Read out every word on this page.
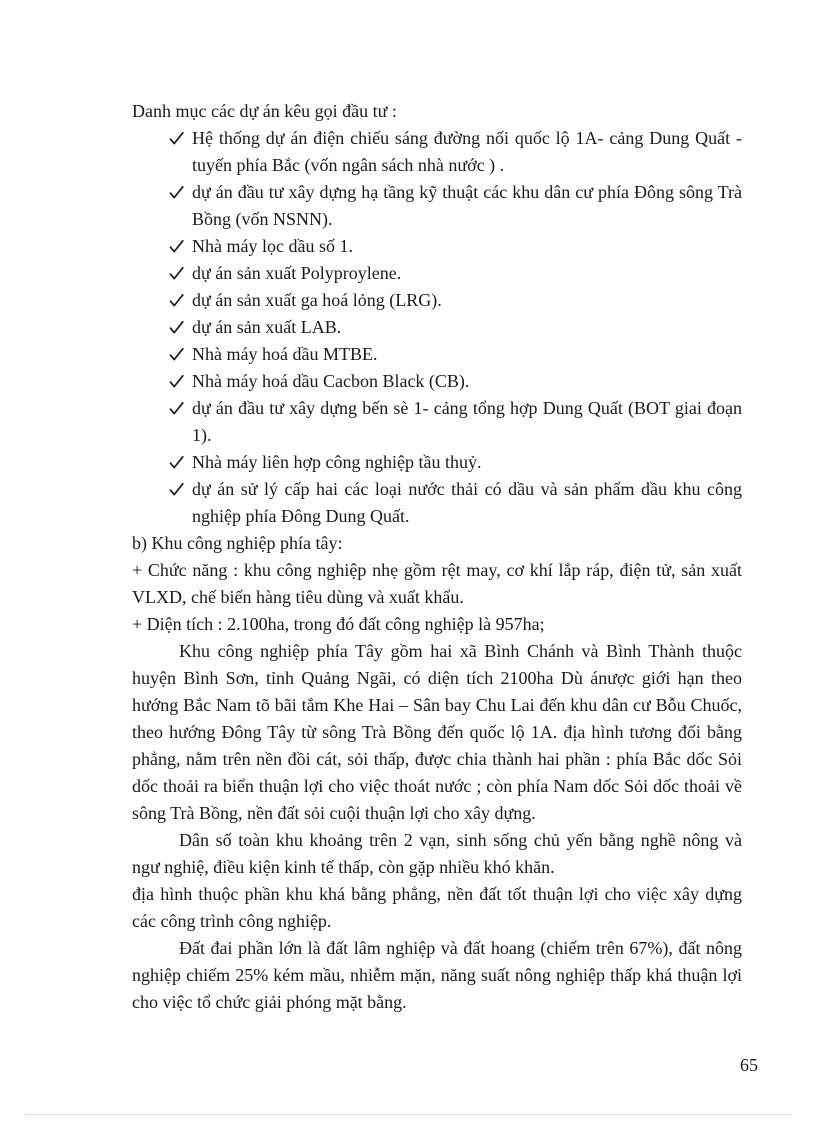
Danh mục các dự án kêu gọi đầu tư :

Hệ thống dự án điện chiếu sáng đường nối quốc lộ 1A- cảng Dung Quất - tuyến phía Bắc (vốn ngân sách nhà nước ) .
dự án đầu tư xây dựng hạ tầng kỹ thuật các khu dân cư phía Đông sông Trà Bồng (vốn NSNN).
Nhà máy lọc dầu số 1.
dự án sản xuất Polyproylene.
dự án sản xuất ga hoá lỏng (LRG).
dự án sản xuất LAB.
Nhà máy hoá dầu MTBE.
Nhà máy hoá dầu Cacbon Black (CB).
dự án đầu tư xây dựng bến sè 1- cảng tổng hợp Dung Quất (BOT giai đoạn 1).
Nhà máy liên hợp công nghiệp tầu thuỷ.
dự án sử lý cấp hai các loại nước thải có dầu và sản phẩm dầu khu công nghiệp phía Đông Dung Quất.

b) Khu công nghiệp phía tây:

+ Chức năng : khu công nghiệp nhẹ gồm rệt may, cơ khí lắp ráp, điện tử, sản xuất VLXD, chế biến hàng tiêu dùng và xuất khẩu.

+ Diện tích : 2.100ha, trong đó đất công nghiệp là 957ha;

Khu công nghiệp phía Tây gồm hai xã Bình Chánh và Bình Thành thuộc huyện Bình Sơn, tỉnh Quảng Ngãi, có diện tích 2100ha Dù ánược giới hạn theo hướng Bắc Nam tõ bãi tắm Khe Hai – Sân bay Chu Lai đến khu dân cư Bỗu Chuốc, theo hướng Đông Tây từ sông Trà Bồng đến quốc lộ 1A. địa hình tương đối bằng phẳng, nằm trên nền đồi cát, sỏi thấp, được chia thành hai phần : phía Bắc dốc Sỏi dốc thoải ra biển thuận lợi cho việc thoát nước ; còn phía Nam dốc Sỏi dốc thoải về sông Trà Bồng, nền đất sỏi cuội thuận lợi cho xây dựng.

Dân số toàn khu khoảng trên 2 vạn, sinh sống chủ yến bằng nghề nông và ngư nghiệ, điều kiện kinh tế thấp, còn gặp nhiều khó khăn.

địa hình thuộc phần khu khá bằng phẳng, nền đất tốt thuận lợi cho việc xây dựng các công trình công nghiệp.

Đất đai phần lớn là đất lâm nghiệp và đất hoang (chiếm trên 67%), đất nông nghiệp chiếm 25% kém mầu, nhiễm mặn, năng suất nông nghiệp thấp khá thuận lợi cho việc tổ chức giải phóng mặt bằng.

65
